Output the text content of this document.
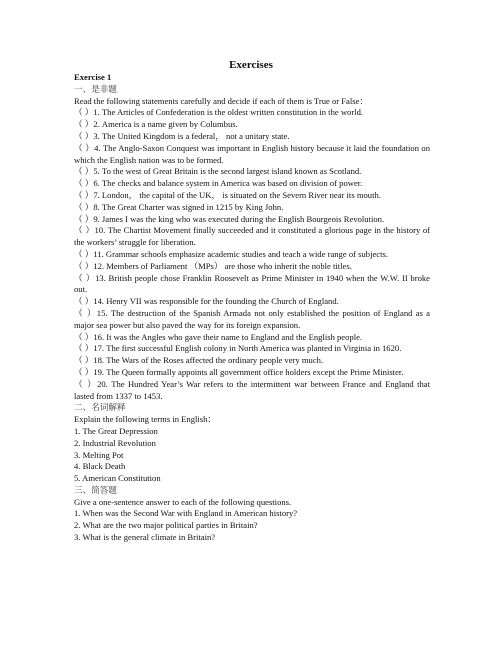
Exercises

Exercise 1

一、是非题

Read the following statements carefully and decide if each of them is True or False：

（ ）1. The Articles of Confederation is the oldest written constitution in the world.

（ ）2. America is a name given by Columbus.

（ ）3. The United Kingdom is a federal， not a unitary state.

（ ）4. The Anglo-Saxon Conquest was important in English history because it laid the foundation on which the English nation was to be formed.

（ ）5. To the west of Great Britain is the second largest island known as Scotland.

（ ）6. The checks and balance system in America was based on division of power.

（ ）7. London， the capital of the UK， is situated on the Severn River near its mouth.

（ ）8. The Great Charter was signed in 1215 by King John.

（ ）9. James I was the king who was executed during the English Bourgeois Revolution.

（ ）10. The Chartist Movement finally succeeded and it constituted a glorious page in the history of the workers’ struggle for liberation.

（ ）11. Grammar schools emphasize academic studies and teach a wide range of subjects.

（ ）12. Members of Parliament （MPs） are those who inherit the noble titles.

（ ）13. British people chose Franklin Roosevelt as Prime Minister in 1940 when the W.W. II broke out.

（ ）14. Henry VII was responsible for the founding the Church of England.

（ ）15. The destruction of the Spanish Armada not only established the position of England as a major sea power but also paved the way for its foreign expansion.

（ ）16. It was the Angles who gave their name to England and the English people.

（ ）17. The first successful English colony in North America was planted in Virginia in 1620.

（ ）18. The Wars of the Roses affected the ordinary people very much.

（ ）19. The Queen formally appoints all government office holders except the Prime Minister.

（ ）20. The Hundred Year’s War refers to the intermittent war between France and England that lasted from 1337 to 1453.

二、名词解释

Explain the following terms in English：

1. The Great Depression

2. Industrial Revolution

3. Melting Pot

4. Black Death

5. American Constitution

三、简答题

Give a one-sentence answer to each of the following questions.

1. When was the Second War with England in American history?

2. What are the two major political parties in Britain?

3. What is the general climate in Britain?
